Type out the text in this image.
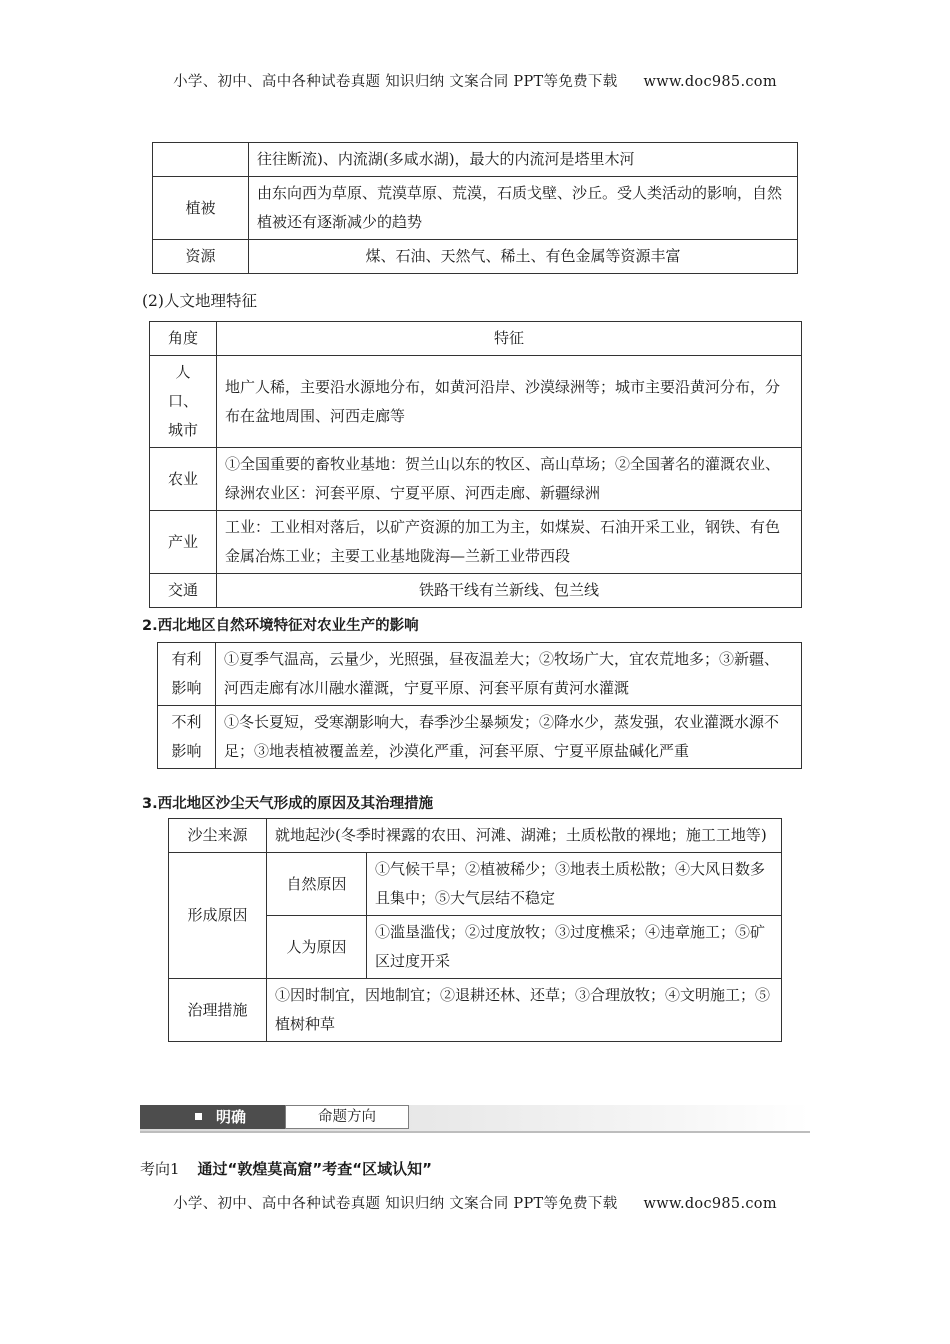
小学、初中、高中各种试卷真题 知识归纳 文案合同 PPT等免费下载 www.doc985.com
	往往断流)、内流湖(多咸水湖)，最大的内流河是塔里木河
植被	由东向西为草原、荒漠草原、荒漠，石质戈壁、沙丘。受人类活动的影响，自然植被还有逐渐减少的趋势
资源	煤、石油、天然气、稀土、有色金属等资源丰富
(2)人文地理特征
角度	特征
人口、城市	地广人稀，主要沿水源地分布，如黄河沿岸、沙漠绿洲等；城市主要沿黄河分布，分布在盆地周围、河西走廊等
农业	①全国重要的畜牧业基地：贺兰山以东的牧区、高山草场；②全国著名的灌溉农业、绿洲农业区：河套平原、宁夏平原、河西走廊、新疆绿洲
产业	工业：工业相对落后，以矿产资源的加工为主，如煤炭、石油开采工业，钢铁、有色金属冶炼工业；主要工业基地陇海—兰新工业带西段
交通	铁路干线有兰新线、包兰线
2.西北地区自然环境特征对农业生产的影响
有利影响	①夏季气温高，云量少，光照强，昼夜温差大；②牧场广大，宜农荒地多；③新疆、河西走廊有冰川融水灌溉，宁夏平原、河套平原有黄河水灌溉
不利影响	①冬长夏短，受寒潮影响大，春季沙尘暴频发；②降水少，蒸发强，农业灌溉水源不足；③地表植被覆盖差，沙漠化严重，河套平原、宁夏平原盐碱化严重
3.西北地区沙尘天气形成的原因及其治理措施
沙尘来源	就地起沙(冬季时裸露的农田、河滩、湖滩；土质松散的裸地；施工工地等)	
形成原因	自然原因	①气候干旱；②植被稀少；③地表土质松散；④大风日数多且集中；⑤大气层结不稳定
	人为原因	①滥垦滥伐；②过度放牧；③过度樵采；④违章施工；⑤矿区过度开采
治理措施	①因时制宜，因地制宜；②退耕还林、还草；③合理放牧；④文明施工；⑤植树种草	
明确	命题方向
考向1 通过“敦煌莫高窟”考查“区域认知”
小学、初中、高中各种试卷真题 知识归纳 文案合同 PPT等免费下载 www.doc985.com
